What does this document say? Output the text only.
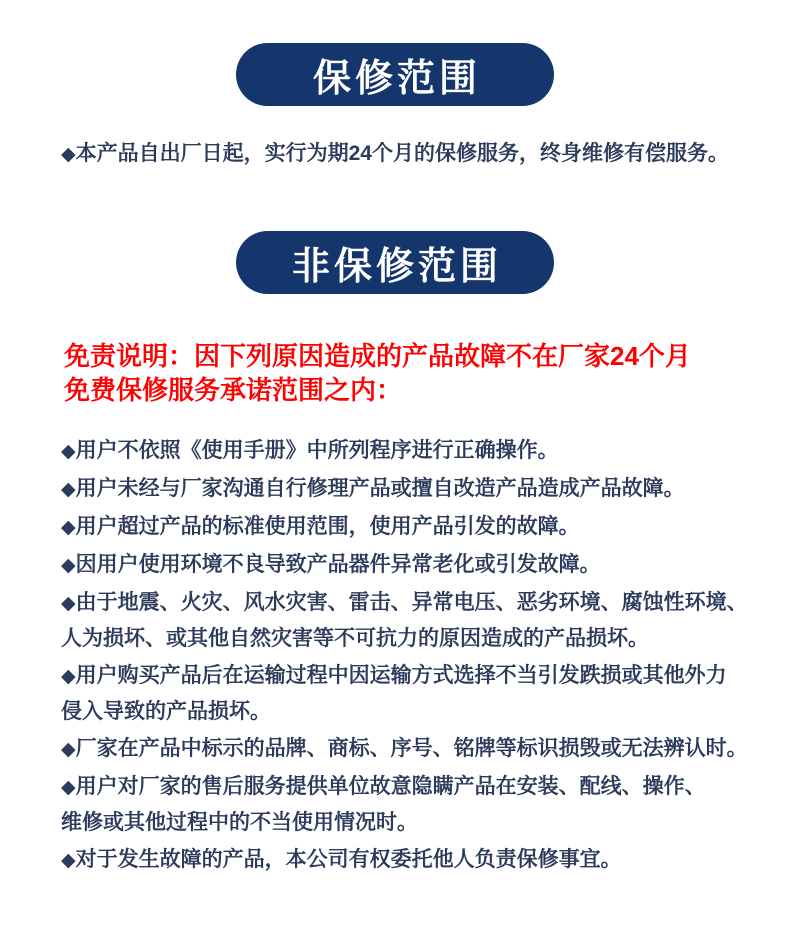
保修范围

◆本产品自出厂日起，实行为期24个月的保修服务，终身维修有偿服务。

非保修范围
免责说明：因下列原因造成的产品故障不在厂家24个月
免费保修服务承诺范围之内：

◆用户不依照《使用手册》中所列程序进行正确操作。

◆用户未经与厂家沟通自行修理产品或擅自改造产品造成产品故障。

◆用户超过产品的标准使用范围，使用产品引发的故障。

◆因用户使用环境不良导致产品器件异常老化或引发故障。

◆由于地震、火灾、风水灾害、雷击、异常电压、恶劣环境、腐蚀性环境、
人为损坏、或其他自然灾害等不可抗力的原因造成的产品损坏。

◆用户购买产品后在运输过程中因运输方式选择不当引发跌损或其他外力
侵入导致的产品损坏。

◆厂家在产品中标示的品牌、商标、序号、铭牌等标识损毁或无法辨认时。

◆用户对厂家的售后服务提供单位故意隐瞒产品在安装、配线、操作、
维修或其他过程中的不当使用情况时。

◆对于发生故障的产品，本公司有权委托他人负责保修事宜。
